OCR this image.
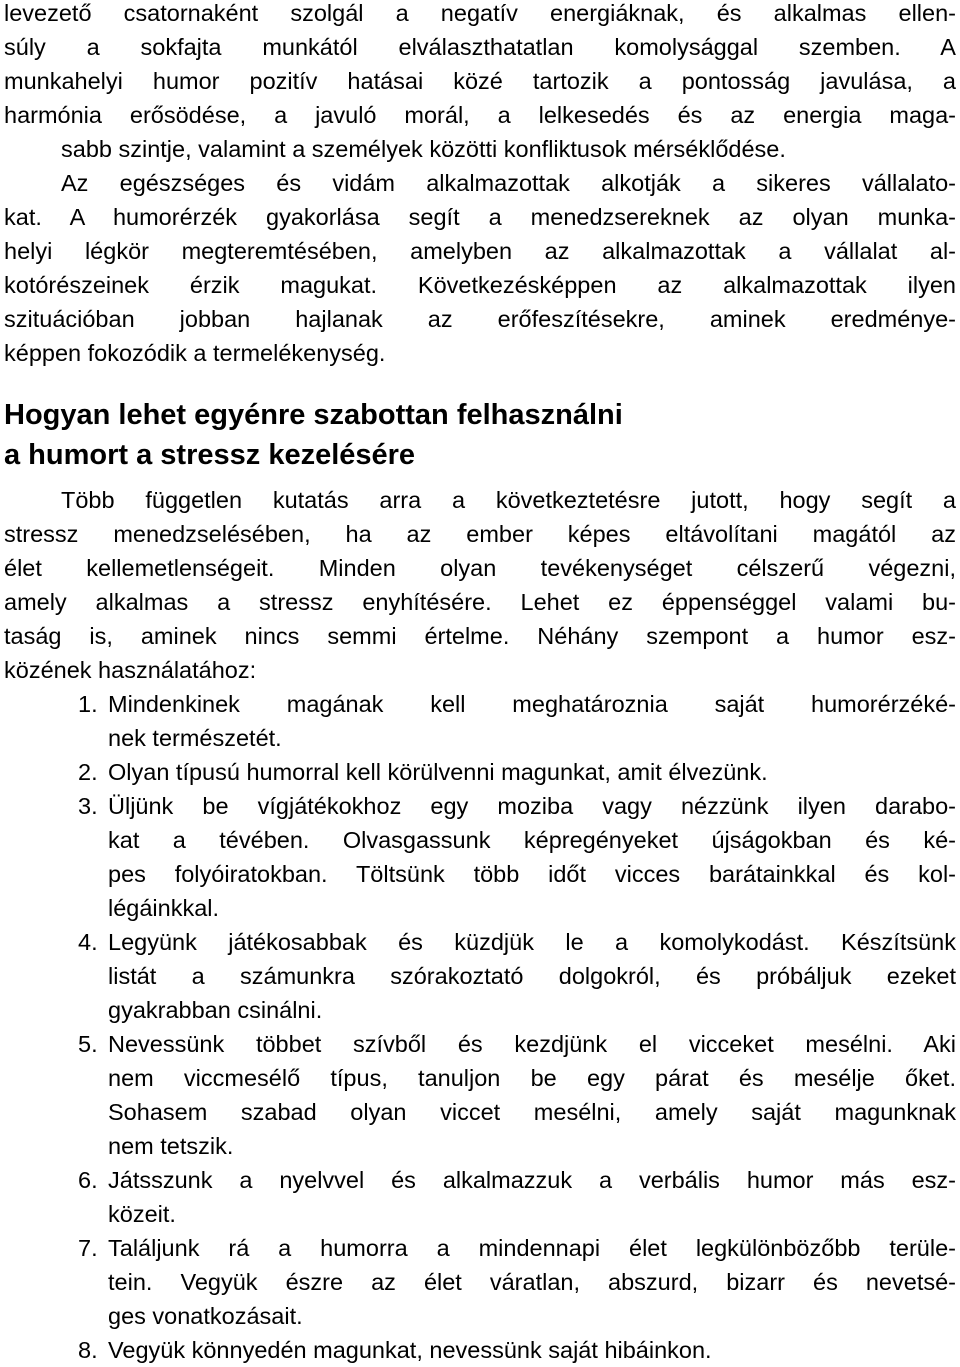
levezető csatornaként szolgál a negatív energiáknak, és alkalmas ellen-
súly a sokfajta munkától elválaszthatatlan komolysággal szemben. A
munkahelyi humor pozitív hatásai közé tartozik a pontosság javulása, a
harmónia erősödése, a javuló morál, a lelkesedés és az energia maga-
sabb szintje, valamint a személyek közötti konfliktusok mérséklődése.
Az egészséges és vidám alkalmazottak alkotják a sikeres vállalato-
kat. A humorérzék gyakorlása segít a menedzsereknek az olyan munka-
helyi légkör megteremtésében, amelyben az alkalmazottak a vállalat al-
kotórészeinek érzik magukat. Következésképpen az alkalmazottak ilyen
szituációban jobban hajlanak az erőfeszítésekre, aminek eredménye-
képpen fokozódik a termelékenység.
Hogyan lehet egyénre szabottan felhasználni
a humort a stressz kezelésére
Több független kutatás arra a következtetésre jutott, hogy segít a
stressz menedzselésében, ha az ember képes eltávolítani magától az
élet kellemetlenségeit. Minden olyan tevékenységet célszerű végezni,
amely alkalmas a stressz enyhítésére. Lehet ez éppenséggel valami bu-
taság is, aminek nincs semmi értelme. Néhány szempont a humor esz-
közének használatához:
1. Mindenkinek magának kell meghatároznia saját humorérzéké-
nek természetét.
2. Olyan típusú humorral kell körülvenni magunkat, amit élvezünk.
3. Üljünk be vígjátékokhoz egy moziba vagy nézzünk ilyen darabo-
kat a tévében. Olvasgassunk képregényeket újságokban és ké-
pes folyóiratokban. Töltsünk több időt vicces barátainkkal és kol-
légáinkkal.
4. Legyünk játékosabbak és küzdjük le a komolykodást. Készítsünk
listát a számunkra szórakoztató dolgokról, és próbáljuk ezeket
gyakrabban csinálni.
5. Nevessünk többet szívből és kezdjünk el vicceket mesélni. Aki
nem viccmesélő típus, tanuljon be egy párat és mesélje őket.
Sohasem szabad olyan viccet mesélni, amely saját magunknak
nem tetszik.
6. Játsszunk a nyelvvel és alkalmazzuk a verbális humor más esz-
közeit.
7. Találjunk rá a humorra a mindennapi élet legkülönbözőbb terüle-
tein. Vegyük észre az élet váratlan, abszurd, bizarr és nevetsé-
ges vonatkozásait.
8. Vegyük könnyedén magunkat, nevessünk saját hibáinkon.
